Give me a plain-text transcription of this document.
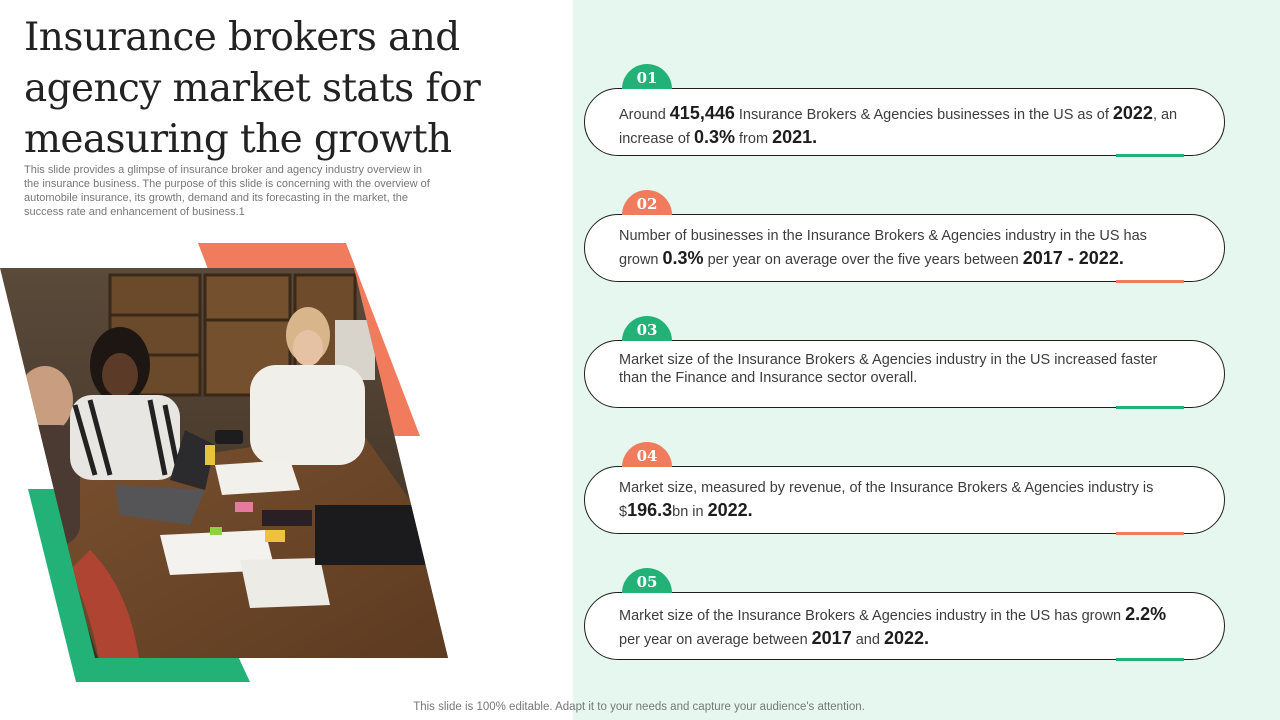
Insurance brokers and agency market stats for measuring the growth

This slide provides a glimpse of insurance broker and agency industry overview in the insurance business. The purpose of this slide is concerning with the overview of automobile insurance, its growth, demand and its forecasting in the market, the success rate and enhancement of business.1

01
Around 415,446 Insurance Brokers & Agencies businesses in the US as of 2022, an increase of 0.3% from 2021.
02
Number of businesses in the Insurance Brokers & Agencies industry in the US has grown 0.3% per year on average over the five years between 2017 - 2022.
03
Market size of the Insurance Brokers & Agencies industry in the US increased faster than the Finance and Insurance sector overall.
04
Market size, measured by revenue, of the Insurance Brokers & Agencies industry is $196.3bn in 2022.
05
Market size of the Insurance Brokers & Agencies industry in the US has grown 2.2% per year on average between 2017 and 2022.
This slide is 100% editable. Adapt it to your needs and capture your audience's attention.
